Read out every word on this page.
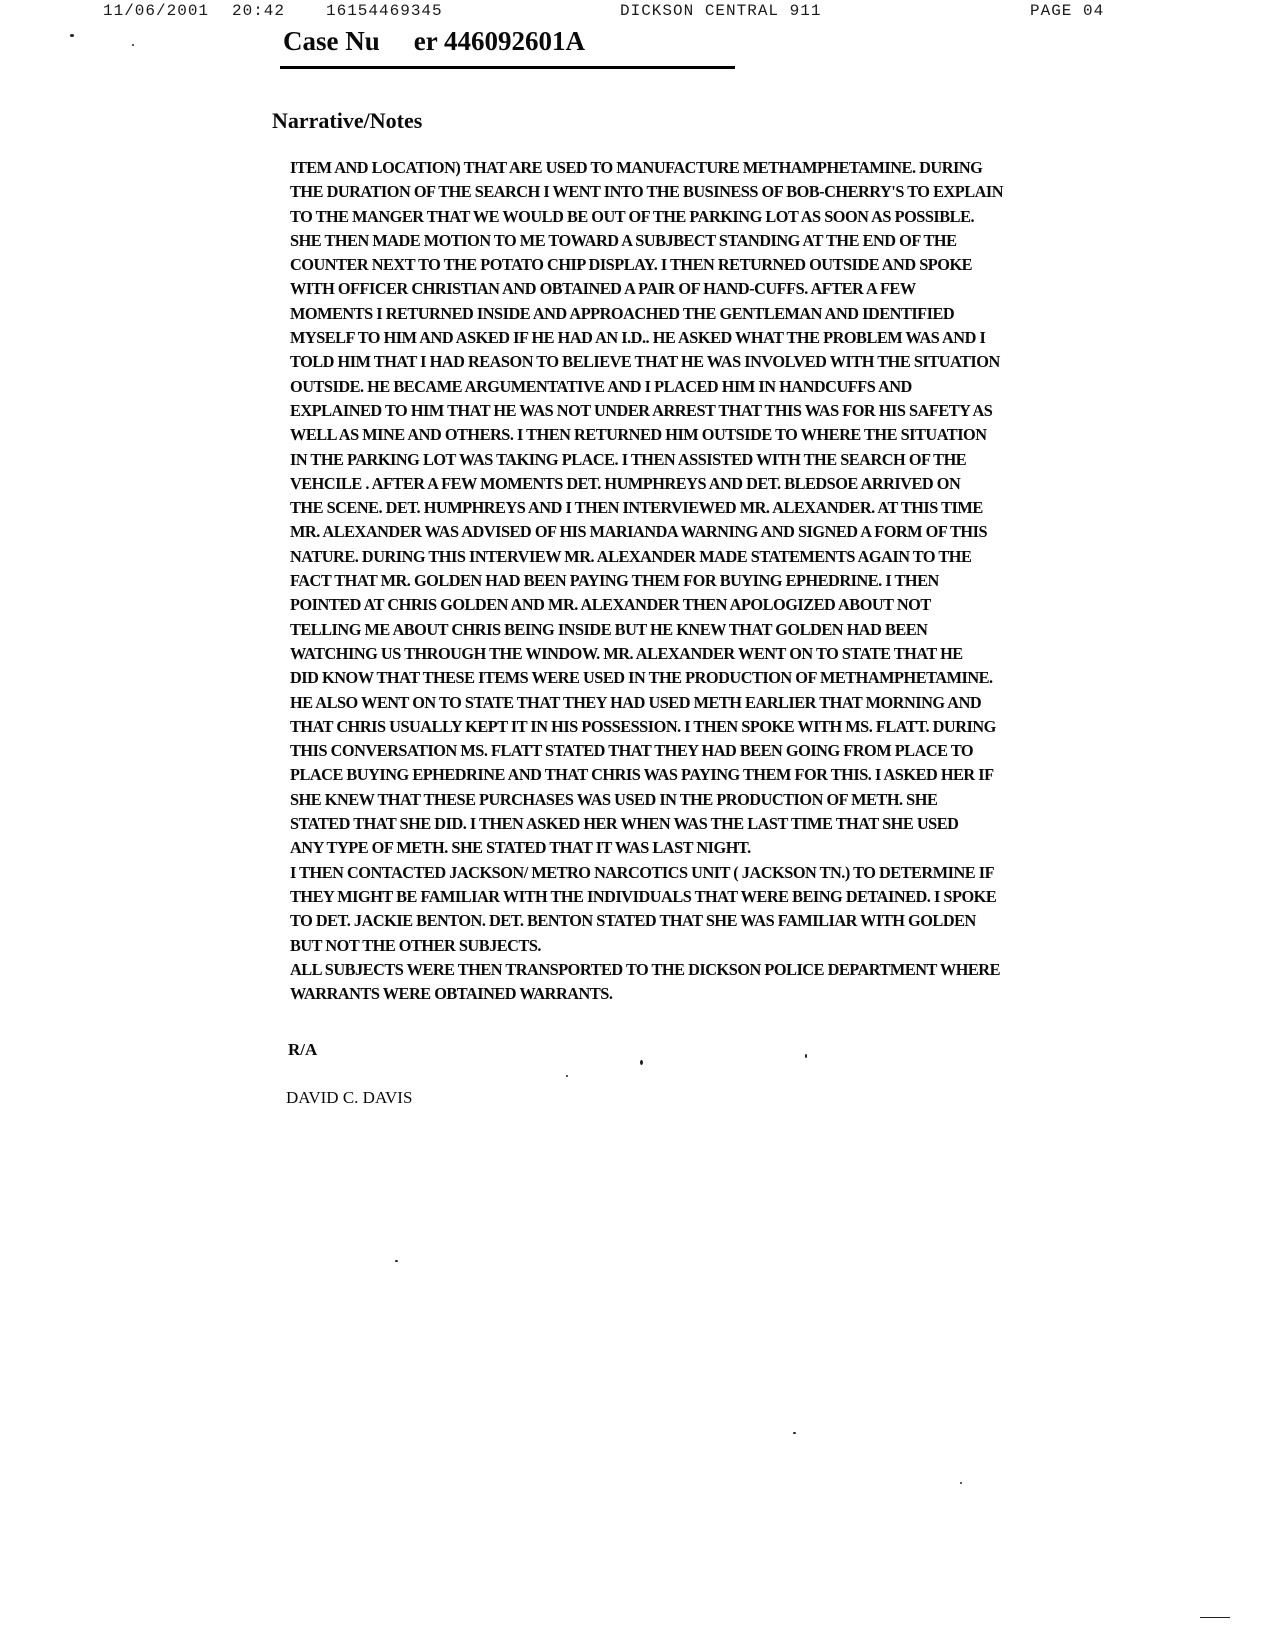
11/06/2001 20:42	16154469345	DICKSON CENTRAL 911	PAGE 04
Case Nu er 446092601A
Narrative/Notes
ITEM AND LOCATION) THAT ARE USED TO MANUFACTURE METHAMPHETAMINE. DURING
THE DURATION OF THE SEARCH I WENT INTO THE BUSINESS OF BOB-CHERRY'S TO EXPLAIN
TO THE MANGER THAT WE WOULD BE OUT OF THE PARKING LOT AS SOON AS POSSIBLE.
SHE THEN MADE MOTION TO ME TOWARD A SUBJBECT STANDING AT THE END OF THE
COUNTER NEXT TO THE POTATO CHIP DISPLAY. I THEN RETURNED OUTSIDE AND SPOKE
WITH OFFICER CHRISTIAN AND OBTAINED A PAIR OF HAND-CUFFS. AFTER A FEW
MOMENTS I RETURNED INSIDE AND APPROACHED THE GENTLEMAN AND IDENTIFIED
MYSELF TO HIM AND ASKED IF HE HAD AN I.D.. HE ASKED WHAT THE PROBLEM WAS AND I
TOLD HIM THAT I HAD REASON TO BELIEVE THAT HE WAS INVOLVED WITH THE SITUATION
OUTSIDE. HE BECAME ARGUMENTATIVE AND I PLACED HIM IN HANDCUFFS AND
EXPLAINED TO HIM THAT HE WAS NOT UNDER ARREST THAT THIS WAS FOR HIS SAFETY AS
WELL AS MINE AND OTHERS. I THEN RETURNED HIM OUTSIDE TO WHERE THE SITUATION
IN THE PARKING LOT WAS TAKING PLACE. I THEN ASSISTED WITH THE SEARCH OF THE
VEHCILE . AFTER A FEW MOMENTS DET. HUMPHREYS AND DET. BLEDSOE ARRIVED ON
THE SCENE. DET. HUMPHREYS AND I THEN INTERVIEWED MR. ALEXANDER. AT THIS TIME
MR. ALEXANDER WAS ADVISED OF HIS MARIANDA WARNING AND SIGNED A FORM OF THIS
NATURE. DURING THIS INTERVIEW MR. ALEXANDER MADE STATEMENTS AGAIN TO THE
FACT THAT MR. GOLDEN HAD BEEN PAYING THEM FOR BUYING EPHEDRINE. I THEN
POINTED AT CHRIS GOLDEN AND MR. ALEXANDER THEN APOLOGIZED ABOUT NOT
TELLING ME ABOUT CHRIS BEING INSIDE BUT HE KNEW THAT GOLDEN HAD BEEN
WATCHING US THROUGH THE WINDOW. MR. ALEXANDER WENT ON TO STATE THAT HE
DID KNOW THAT THESE ITEMS WERE USED IN THE PRODUCTION OF METHAMPHETAMINE.
HE ALSO WENT ON TO STATE THAT THEY HAD USED METH EARLIER THAT MORNING AND
THAT CHRIS USUALLY KEPT IT IN HIS POSSESSION. I THEN SPOKE WITH MS. FLATT. DURING
THIS CONVERSATION MS. FLATT STATED THAT THEY HAD BEEN GOING FROM PLACE TO
PLACE BUYING EPHEDRINE AND THAT CHRIS WAS PAYING THEM FOR THIS. I ASKED HER IF
SHE KNEW THAT THESE PURCHASES WAS USED IN THE PRODUCTION OF METH. SHE
STATED THAT SHE DID. I THEN ASKED HER WHEN WAS THE LAST TIME THAT SHE USED
ANY TYPE OF METH. SHE STATED THAT IT WAS LAST NIGHT.
I THEN CONTACTED JACKSON/ METRO NARCOTICS UNIT ( JACKSON TN.) TO DETERMINE IF
THEY MIGHT BE FAMILIAR WITH THE INDIVIDUALS THAT WERE BEING DETAINED. I SPOKE
TO DET. JACKIE BENTON. DET. BENTON STATED THAT SHE WAS FAMILIAR WITH GOLDEN
BUT NOT THE OTHER SUBJECTS.
ALL SUBJECTS WERE THEN TRANSPORTED TO THE DICKSON POLICE DEPARTMENT WHERE
WARRANTS WERE OBTAINED WARRANTS.
R/A
DAVID C. DAVIS
